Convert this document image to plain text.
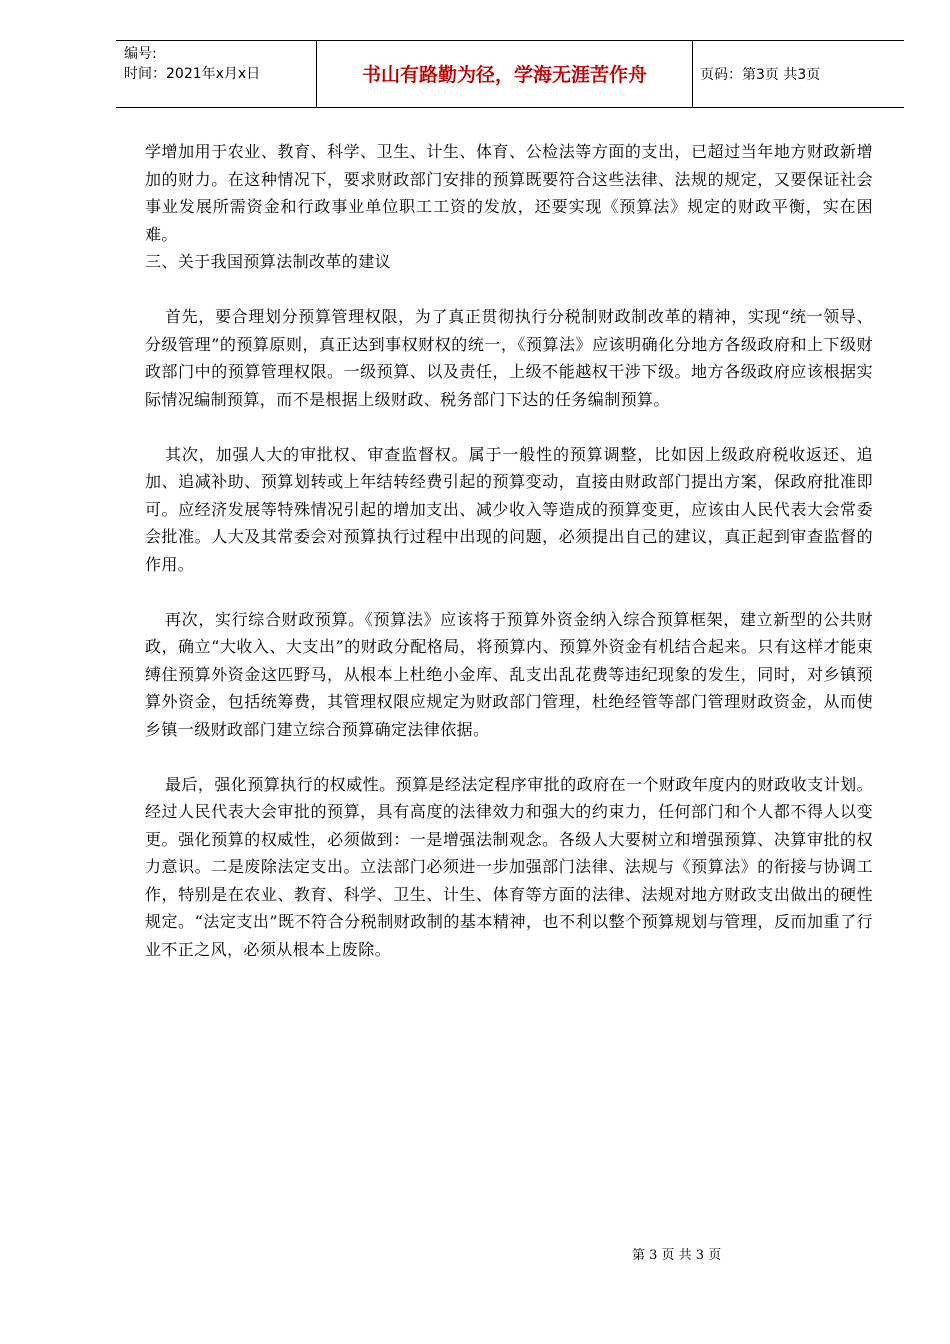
编号:
时间：2021年x月x日	书山有路勤为径，学海无涯苦作舟	页码：第3页 共3页

学增加用于农业、教育、科学、卫生、计生、体育、公检法等方面的支出，已超过当年地方财政新增加的财力。在这种情况下，要求财政部门安排的预算既要符合这些法律、法规的规定，又要保证社会事业发展所需资金和行政事业单位职工工资的发放，还要实现《预算法》规定的财政平衡，实在困难。

三、关于我国预算法制改革的建议

首先，要合理划分预算管理权限，为了真正贯彻执行分税制财政制改革的精神，实现“统一领导、分级管理”的预算原则，真正达到事权财权的统一，《预算法》应该明确化分地方各级政府和上下级财政部门中的预算管理权限。一级预算、以及责任，上级不能越权干涉下级。地方各级政府应该根据实际情况编制预算，而不是根据上级财政、税务部门下达的任务编制预算。

其次，加强人大的审批权、审查监督权。属于一般性的预算调整，比如因上级政府税收返还、追加、追减补助、预算划转或上年结转经费引起的预算变动，直接由财政部门提出方案，保政府批准即可。应经济发展等特殊情况引起的增加支出、减少收入等造成的预算变更，应该由人民代表大会常委会批准。人大及其常委会对预算执行过程中出现的问题，必须提出自己的建议，真正起到审查监督的作用。

再次，实行综合财政预算。《预算法》应该将于预算外资金纳入综合预算框架，建立新型的公共财政，确立“大收入、大支出”的财政分配格局，将预算内、预算外资金有机结合起来。只有这样才能束缚住预算外资金这匹野马，从根本上杜绝小金库、乱支出乱花费等违纪现象的发生，同时，对乡镇预算外资金，包括统筹费，其管理权限应规定为财政部门管理，杜绝经管等部门管理财政资金，从而使乡镇一级财政部门建立综合预算确定法律依据。

最后，强化预算执行的权威性。预算是经法定程序审批的政府在一个财政年度内的财政收支计划。经过人民代表大会审批的预算，具有高度的法律效力和强大的约束力，任何部门和个人都不得人以变更。强化预算的权威性，必须做到：一是增强法制观念。各级人大要树立和增强预算、决算审批的权力意识。二是废除法定支出。立法部门必须进一步加强部门法律、法规与《预算法》的衔接与协调工作，特别是在农业、教育、科学、卫生、计生、体育等方面的法律、法规对地方财政支出做出的硬性规定。“法定支出”既不符合分税制财政制的基本精神，也不利以整个预算规划与管理，反而加重了行业不正之风，必须从根本上废除。

第 3 页 共 3 页
